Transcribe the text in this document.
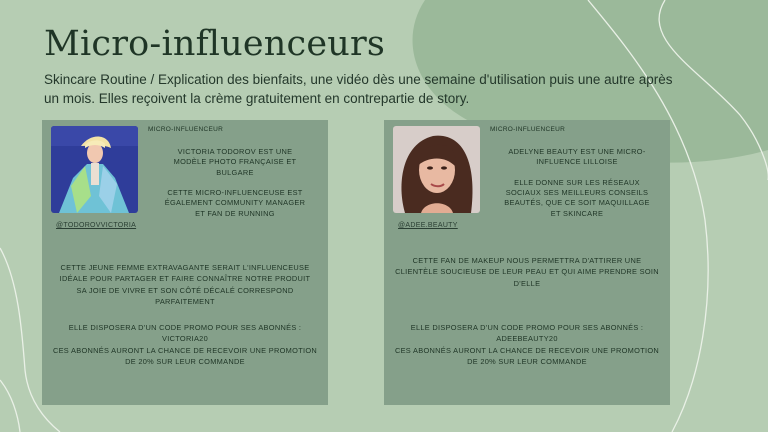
Micro-influenceurs

Skincare Routine / Explication des bienfaits, une vidéo dès une semaine d'utilisation puis une autre après un mois. Elles reçoivent la crème gratuitement en contrepartie de story.

@TODOROVVICTORIA
MICRO-INFLUENCEUR
VICTORIA TODOROV EST UNE
MODÈLE PHOTO FRANÇAISE ET
BULGARE

CETTE MICRO-INFLUENCEUSE EST
ÉGALEMENT COMMUNITY MANAGER
ET FAN DE RUNNING
CETTE JEUNE FEMME EXTRAVAGANTE SERAIT L'INFLUENCEUSE
IDÉALE POUR PARTAGER ET FAIRE CONNAÎTRE NOTRE PRODUIT
SA JOIE DE VIVRE ET SON CÔTÉ DÉCALÉ CORRESPOND
PARFAITEMENT
ELLE DISPOSERA D'UN CODE PROMO POUR SES ABONNÉS :
VICTORIA20
CES ABONNÉS AURONT LA CHANCE DE RECEVOIR UNE PROMOTION
DE 20% SUR LEUR COMMANDE
@ADEE.BEAUTY
MICRO-INFLUENCEUR
ADELYNE BEAUTY EST UNE MICRO-
INFLUENCE LILLOISE

ELLE DONNE SUR LES RÉSEAUX
SOCIAUX SES MEILLEURS CONSEILS
BEAUTÉS, QUE CE SOIT MAQUILLAGE
ET SKINCARE
CETTE FAN DE MAKEUP NOUS PERMETTRA D'ATTIRER UNE
CLIENTÈLE SOUCIEUSE DE LEUR PEAU ET QUI AIME PRENDRE SOIN
D'ELLE
ELLE DISPOSERA D'UN CODE PROMO POUR SES ABONNÉS :
ADEEBEAUTY20
CES ABONNÉS AURONT LA CHANCE DE RECEVOIR UNE PROMOTION
DE 20% SUR LEUR COMMANDE
